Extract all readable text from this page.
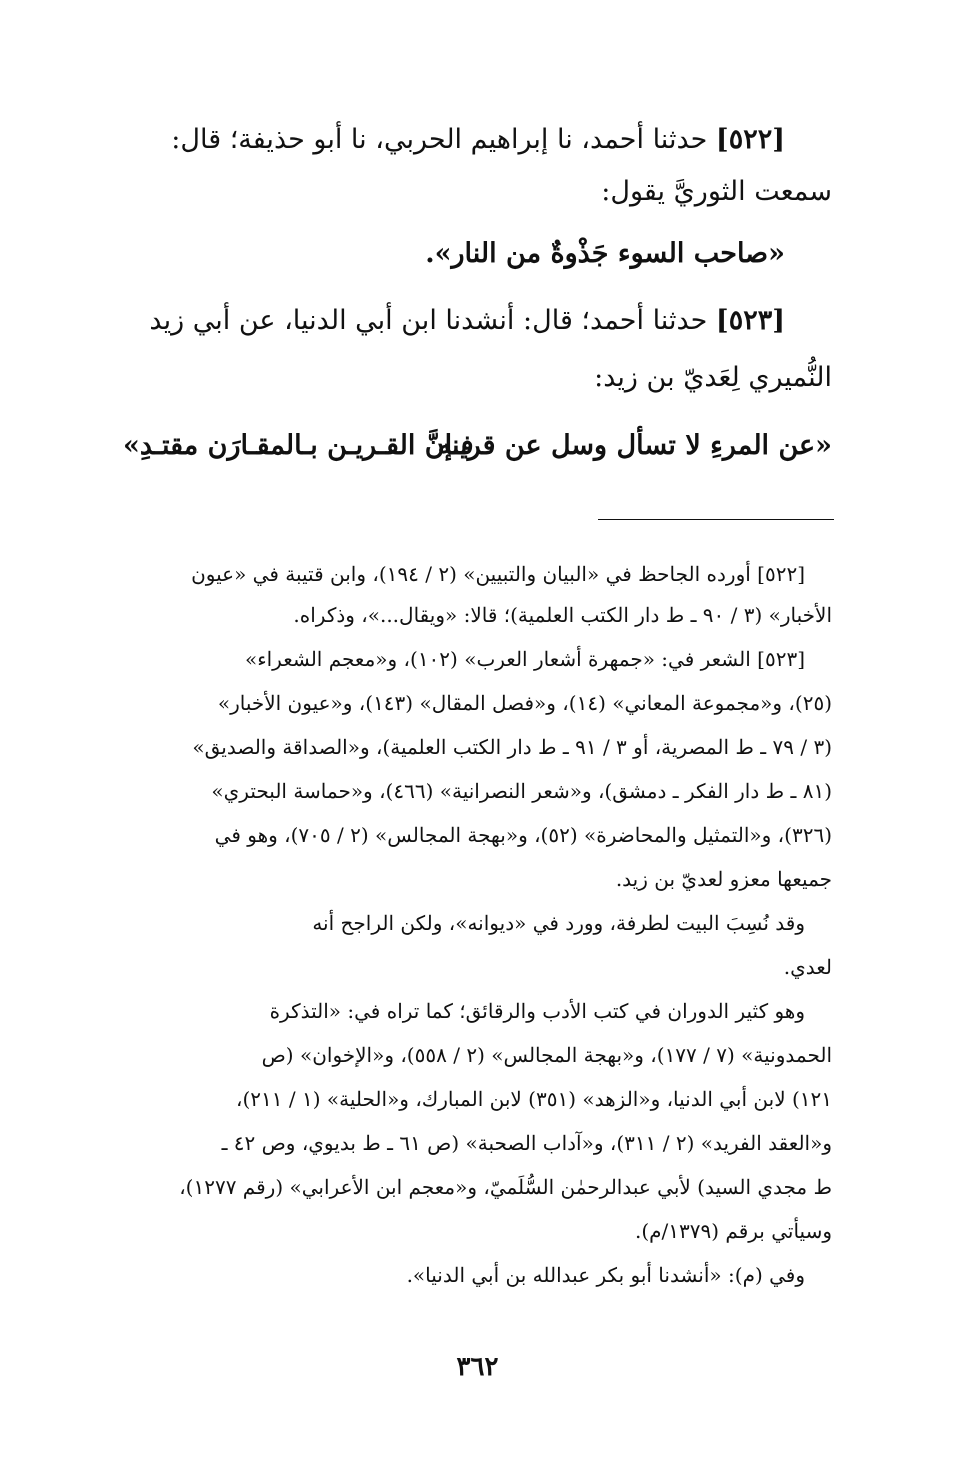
[٥٢٢] حدثنا أحمد، نا إبراهيم الحربي، نا أبو حذيفة؛ قال:
سمعت الثوريَّ يقول:
«صاحب السوء جَذْوةٌ من النار».
[٥٢٣] حدثنا أحمد؛ قال: أنشدنا ابن أبي الدنيا، عن أبي زيد
النُّميري لِعَديّ بن زيد:
«عن المرءِ لا تسأل وسل عن قرينه
فـإنَّ القـريـن بـالمقـارَن مقتـدِ»
[٥٢٢] أورده الجاحظ في «البيان والتبيين» (٢ / ١٩٤)، وابن قتيبة في «عيون
الأخبار» (٣ / ٩٠ ـ ط دار الكتب العلمية)؛ قالا: «ويقال...»، وذكراه.
[٥٢٣] الشعر في: «جمهرة أشعار العرب» (١٠٢)، و«معجم الشعراء»
(٢٥)، و«مجموعة المعاني» (١٤)، و«فصل المقال» (١٤٣)، و«عيون الأخبار»
(٣ / ٧٩ ـ ط المصرية، أو ٣ / ٩١ ـ ط دار الكتب العلمية)، و«الصداقة والصديق»
(٨١ ـ ط دار الفكر ـ دمشق)، و«شعر النصرانية» (٤٦٦)، و«حماسة البحتري»
(٣٢٦)، و«التمثيل والمحاضرة» (٥٢)، و«بهجة المجالس» (٢ / ٧٠٥)، وهو في
جميعها معزو لعديّ بن زيد.
وقد نُسِبَ البيت لطرفة، وورد في «ديوانه»، ولكن الراجح أنه
لعدي.
وهو كثير الدوران في كتب الأدب والرقائق؛ كما تراه في: «التذكرة
الحمدونية» (٧ / ١٧٧)، و«بهجة المجالس» (٢ / ٥٥٨)، و«الإخوان» (ص
١٢١) لابن أبي الدنيا، و«الزهد» (٣٥١) لابن المبارك، و«الحلية» (١ / ٢١١)،
و«العقد الفريد» (٢ / ٣١١)، و«آداب الصحبة» (ص ٦١ ـ ط بديوي، وص ٤٢ ـ
ط مجدي السيد) لأبي عبدالرحمٰن السُّلَميّ، و«معجم ابن الأعرابي» (رقم ١٢٧٧)،
وسيأتي برقم (١٣٧٩/م).
وفي (م): «أنشدنا أبو بكر عبدالله بن أبي الدنيا».
٣٦٢
